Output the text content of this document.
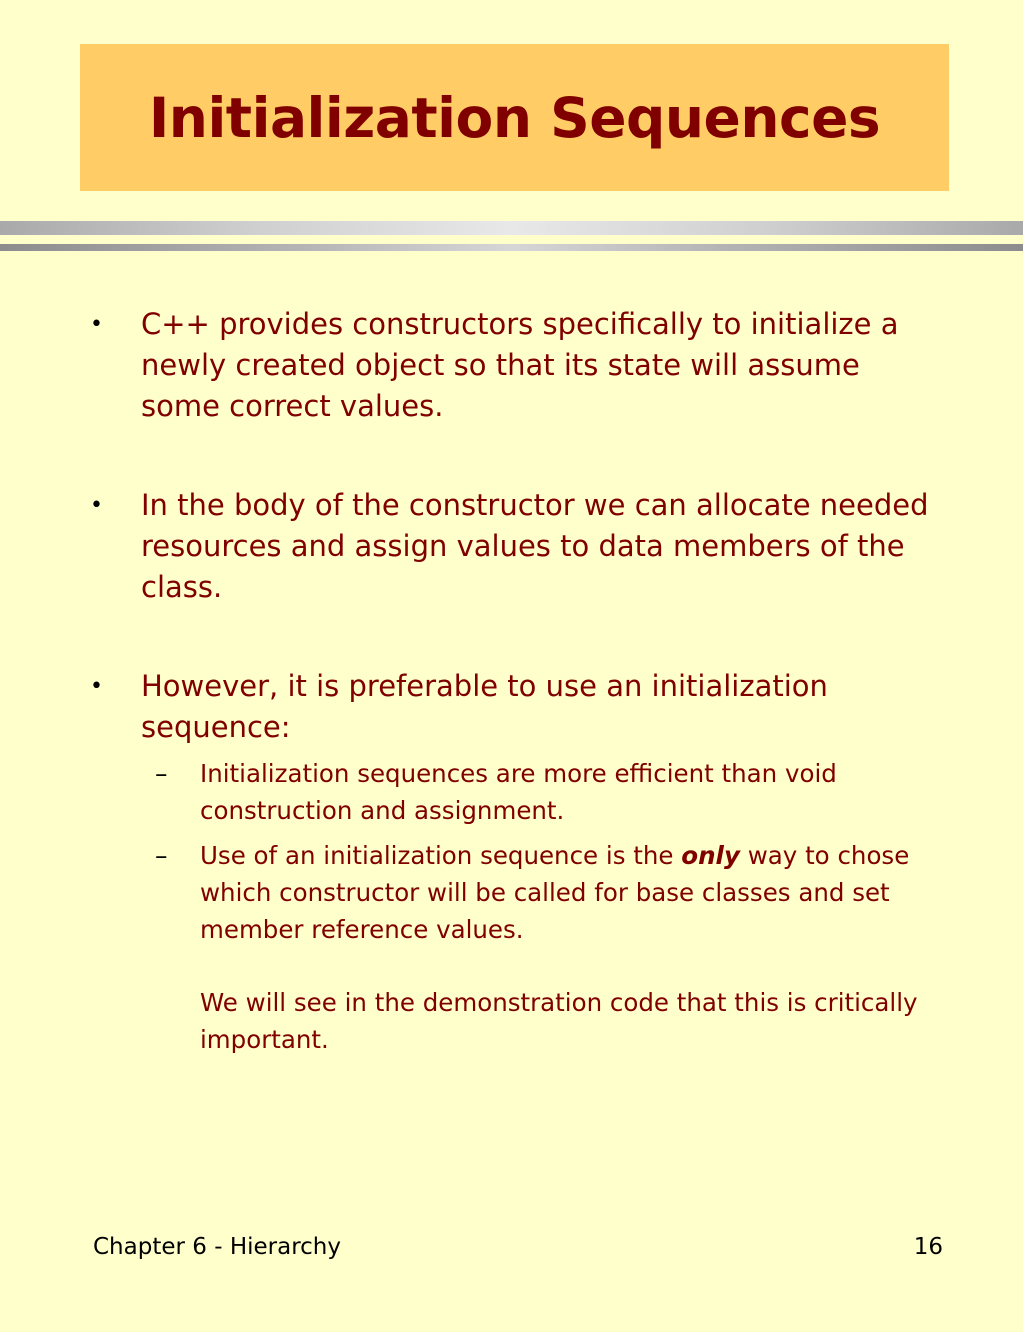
Initialization Sequences
• C++ provides constructors specifically to initialize a newly created object so that its state will assume some correct values.
• In the body of the constructor we can allocate needed resources and assign values to data members of the class.
• However, it is preferable to use an initialization sequence:
– Initialization sequences are more efficient than void construction and assignment.
– Use of an initialization sequence is the only way to chose which constructor will be called for base classes and set member reference values.
We will see in the demonstration code that this is critically important.
Chapter 6 - Hierarchy	16
